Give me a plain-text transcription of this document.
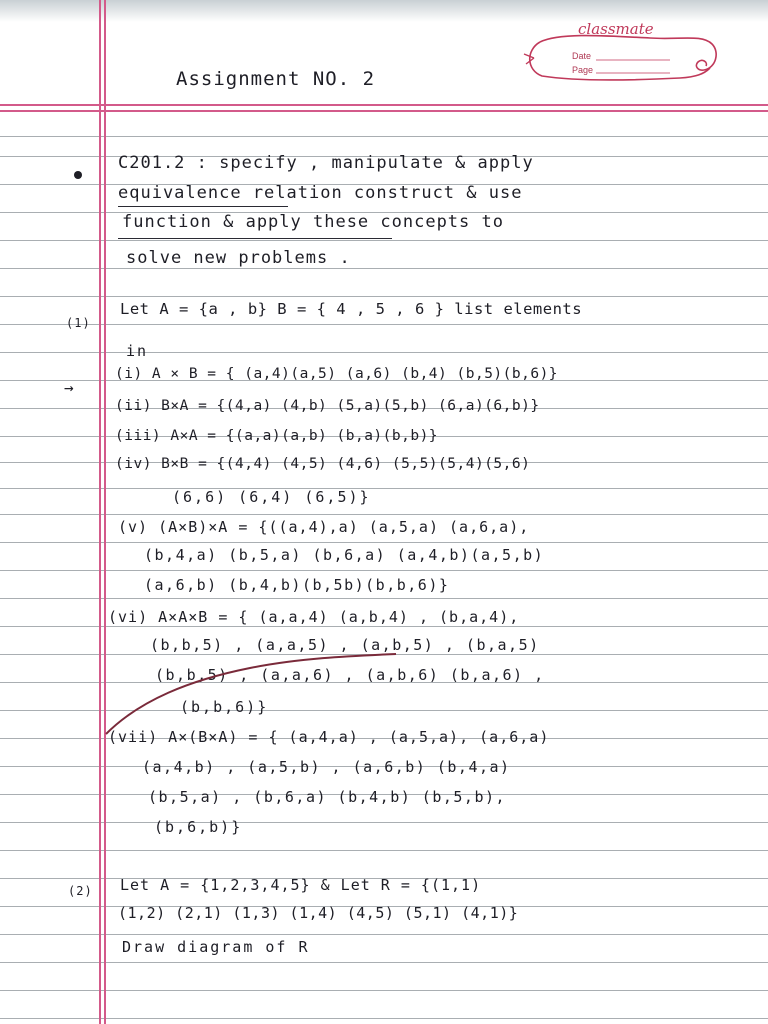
classmate
Date
Page
Assignment NO. 2
C201.2 : specify , manipulate & apply
equivalence relation construct & use
function & apply these concepts to
solve new problems .
(1)
Let A = {a , b} B = { 4 , 5 , 6 } list elements
in
→
(i) A × B = { (a,4)(a,5) (a,6) (b,4) (b,5)(b,6)}
(ii) B×A = {(4,a) (4,b) (5,a)(5,b) (6,a)(6,b)}
(iii) A×A = {(a,a)(a,b) (b,a)(b,b)}
(iv) B×B = {(4,4) (4,5) (4,6) (5,5)(5,4)(5,6)
(6,6) (6,4) (6,5)}
(v) (A×B)×A = {((a,4),a) (a,5,a) (a,6,a),
(b,4,a) (b,5,a) (b,6,a) (a,4,b)(a,5,b)
(a,6,b) (b,4,b)(b,5b)(b,b,6)}
(vi) A×A×B = { (a,a,4) (a,b,4) , (b,a,4),
(b,b,5) , (a,a,5) , (a,b,5) , (b,a,5)
(b,b,5) , (a,a,6) , (a,b,6) (b,a,6) ,
(b,b,6)}
(vii) A×(B×A) = { (a,4,a) , (a,5,a), (a,6,a)
(a,4,b) , (a,5,b) , (a,6,b) (b,4,a)
(b,5,a) , (b,6,a) (b,4,b) (b,5,b),
(b,6,b)}
(2) Let A = {1,2,3,4,5} & Let R = {(1,1)
(1,2) (2,1) (1,3) (1,4) (4,5) (5,1) (4,1)}
Draw diagram of R
